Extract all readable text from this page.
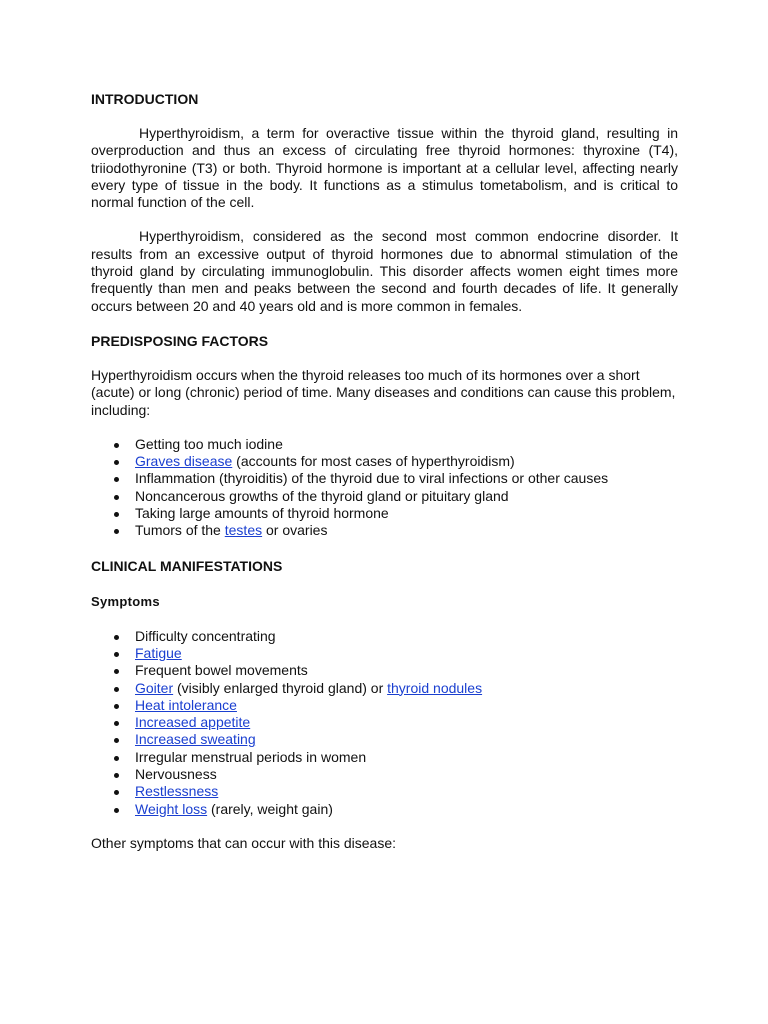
INTRODUCTION

Hyperthyroidism, a term for overactive tissue within the thyroid gland, resulting in overproduction and thus an excess of circulating free thyroid hormones: thyroxine (T4), triiodothyronine (T3) or both. Thyroid hormone is important at a cellular level, affecting nearly every type of tissue in the body. It functions as a stimulus tometabolism, and is critical to normal function of the cell.

Hyperthyroidism, considered as the second most common endocrine disorder. It results from an excessive output of thyroid hormones due to abnormal stimulation of the thyroid gland by circulating immunoglobulin. This disorder affects women eight times more frequently than men and peaks between the second and fourth decades of life. It generally occurs between 20 and 40 years old and is more common in females.

PREDISPOSING FACTORS

Hyperthyroidism occurs when the thyroid releases too much of its hormones over a short (acute) or long (chronic) period of time. Many diseases and conditions can cause this problem, including:

Getting too much iodine
Graves disease (accounts for most cases of hyperthyroidism)
Inflammation (thyroiditis) of the thyroid due to viral infections or other causes
Noncancerous growths of the thyroid gland or pituitary gland
Taking large amounts of thyroid hormone
Tumors of the testes or ovaries
CLINICAL MANIFESTATIONS
Symptoms
Difficulty concentrating
Fatigue
Frequent bowel movements
Goiter (visibly enlarged thyroid gland) or thyroid nodules
Heat intolerance
Increased appetite
Increased sweating
Irregular menstrual periods in women
Nervousness
Restlessness
Weight loss (rarely, weight gain)

Other symptoms that can occur with this disease:
